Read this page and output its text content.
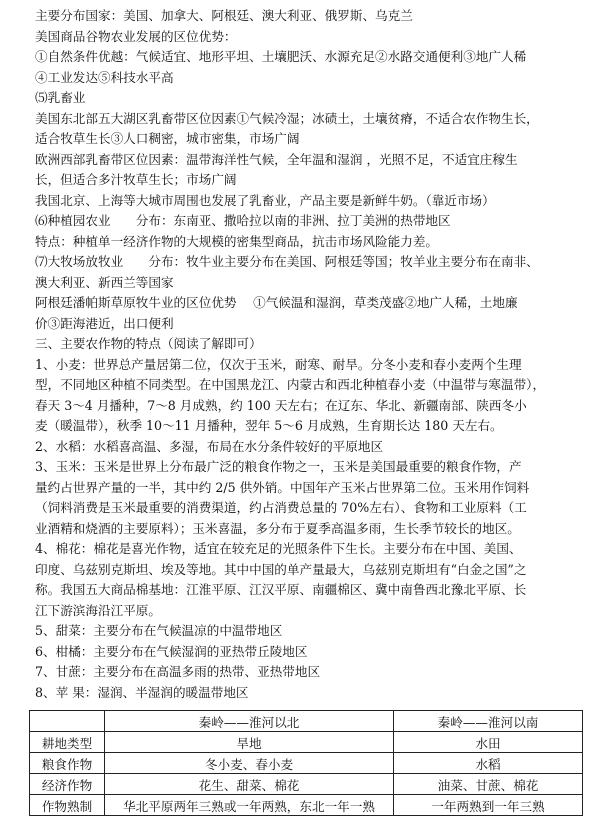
主要分布国家：美国、加拿大、阿根廷、澳大利亚、俄罗斯、乌克兰
美国商品谷物农业发展的区位优势：
①自然条件优越：气候适宜、地形平坦、土壤肥沃、水源充足②水路交通便利③地广人稀
④工业发达⑤科技水平高
⑸乳畜业
美国东北部五大湖区乳畜带区位因素①气候冷湿；冰碛土，土壤贫瘠，不适合农作物生长，
适合牧草生长③人口稠密，城市密集，市场广阔
欧洲西部乳畜带区位因素：温带海洋性气候，全年温和湿润 ，光照不足，不适宜庄稼生
长，但适合多汁牧草生长；市场广阔
我国北京、上海等大城市周围也发展了乳畜业，产品主要是新鲜牛奶。（靠近市场）
⑹种植园农业　　分布：东南亚、撒哈拉以南的非洲、拉丁美洲的热带地区
特点：种植单一经济作物的大规模的密集型商品，抗击市场风险能力差。
⑺大牧场放牧业　　分布：牧牛业主要分布在美国、阿根廷等国；牧羊业主要分布在南非、
澳大利亚、新西兰等国家
阿根廷潘帕斯草原牧牛业的区位优势　 ①气候温和湿润，草类茂盛②地广人稀，土地廉
价③距海港近，出口便利
三、主要农作物的特点（阅读了解即可）
1、小麦：世界总产量居第二位，仅次于玉米，耐寒、耐旱。分冬小麦和春小麦两个生理
型，不同地区种植不同类型。在中国黑龙江、内蒙古和西北种植春小麦（中温带与寒温带），
春天 3～4 月播种，7～8 月成熟，约 100 天左右；在辽东、华北、新疆南部、陕西冬小
麦（暖温带），秋季 10～11 月播种，翌年 5～6 月成熟，生育期长达 180 天左右。
2、水稻：水稻喜高温、多湿，布局在水分条件较好的平原地区
3、玉米：玉米是世界上分布最广泛的粮食作物之一，玉米是美国最重要的粮食作物，产
量约占世界产量的一半，其中约 2/5 供外销。中国年产玉米占世界第二位。玉米用作饲料
（饲料消费是玉米最重要的消费渠道，约占消费总量的 70%左右）、食物和工业原料（工
业酒精和烧酒的主要原料）；玉米喜温，多分布于夏季高温多雨，生长季节较长的地区。
4、棉花：棉花是喜光作物，适宜在较充足的光照条件下生长。主要分布在中国、美国、
印度、乌兹别克斯坦、埃及等地。其中中国的单产量最大，乌兹别克斯坦有“白金之国”之
称。我国五大商品棉基地：江淮平原、江汉平原、南疆棉区、冀中南鲁西北豫北平原、长
江下游滨海沿江平原。
5、甜菜：主要分布在气候温凉的中温带地区
6、柑橘：主要分布在气候湿润的亚热带丘陵地区
7、甘蔗：主要分布在高温多雨的热带、亚热带地区
8、苹 果：湿润、半湿润的暖温带地区
	秦岭——淮河以北	秦岭——淮河以南
耕地类型	旱地	水田
粮食作物	冬小麦、春小麦	水稻
经济作物	花生、甜菜、棉花	油菜、甘蔗、棉花
作物熟制	华北平原两年三熟或一年两熟，东北一年一熟	一年两熟到一年三熟
